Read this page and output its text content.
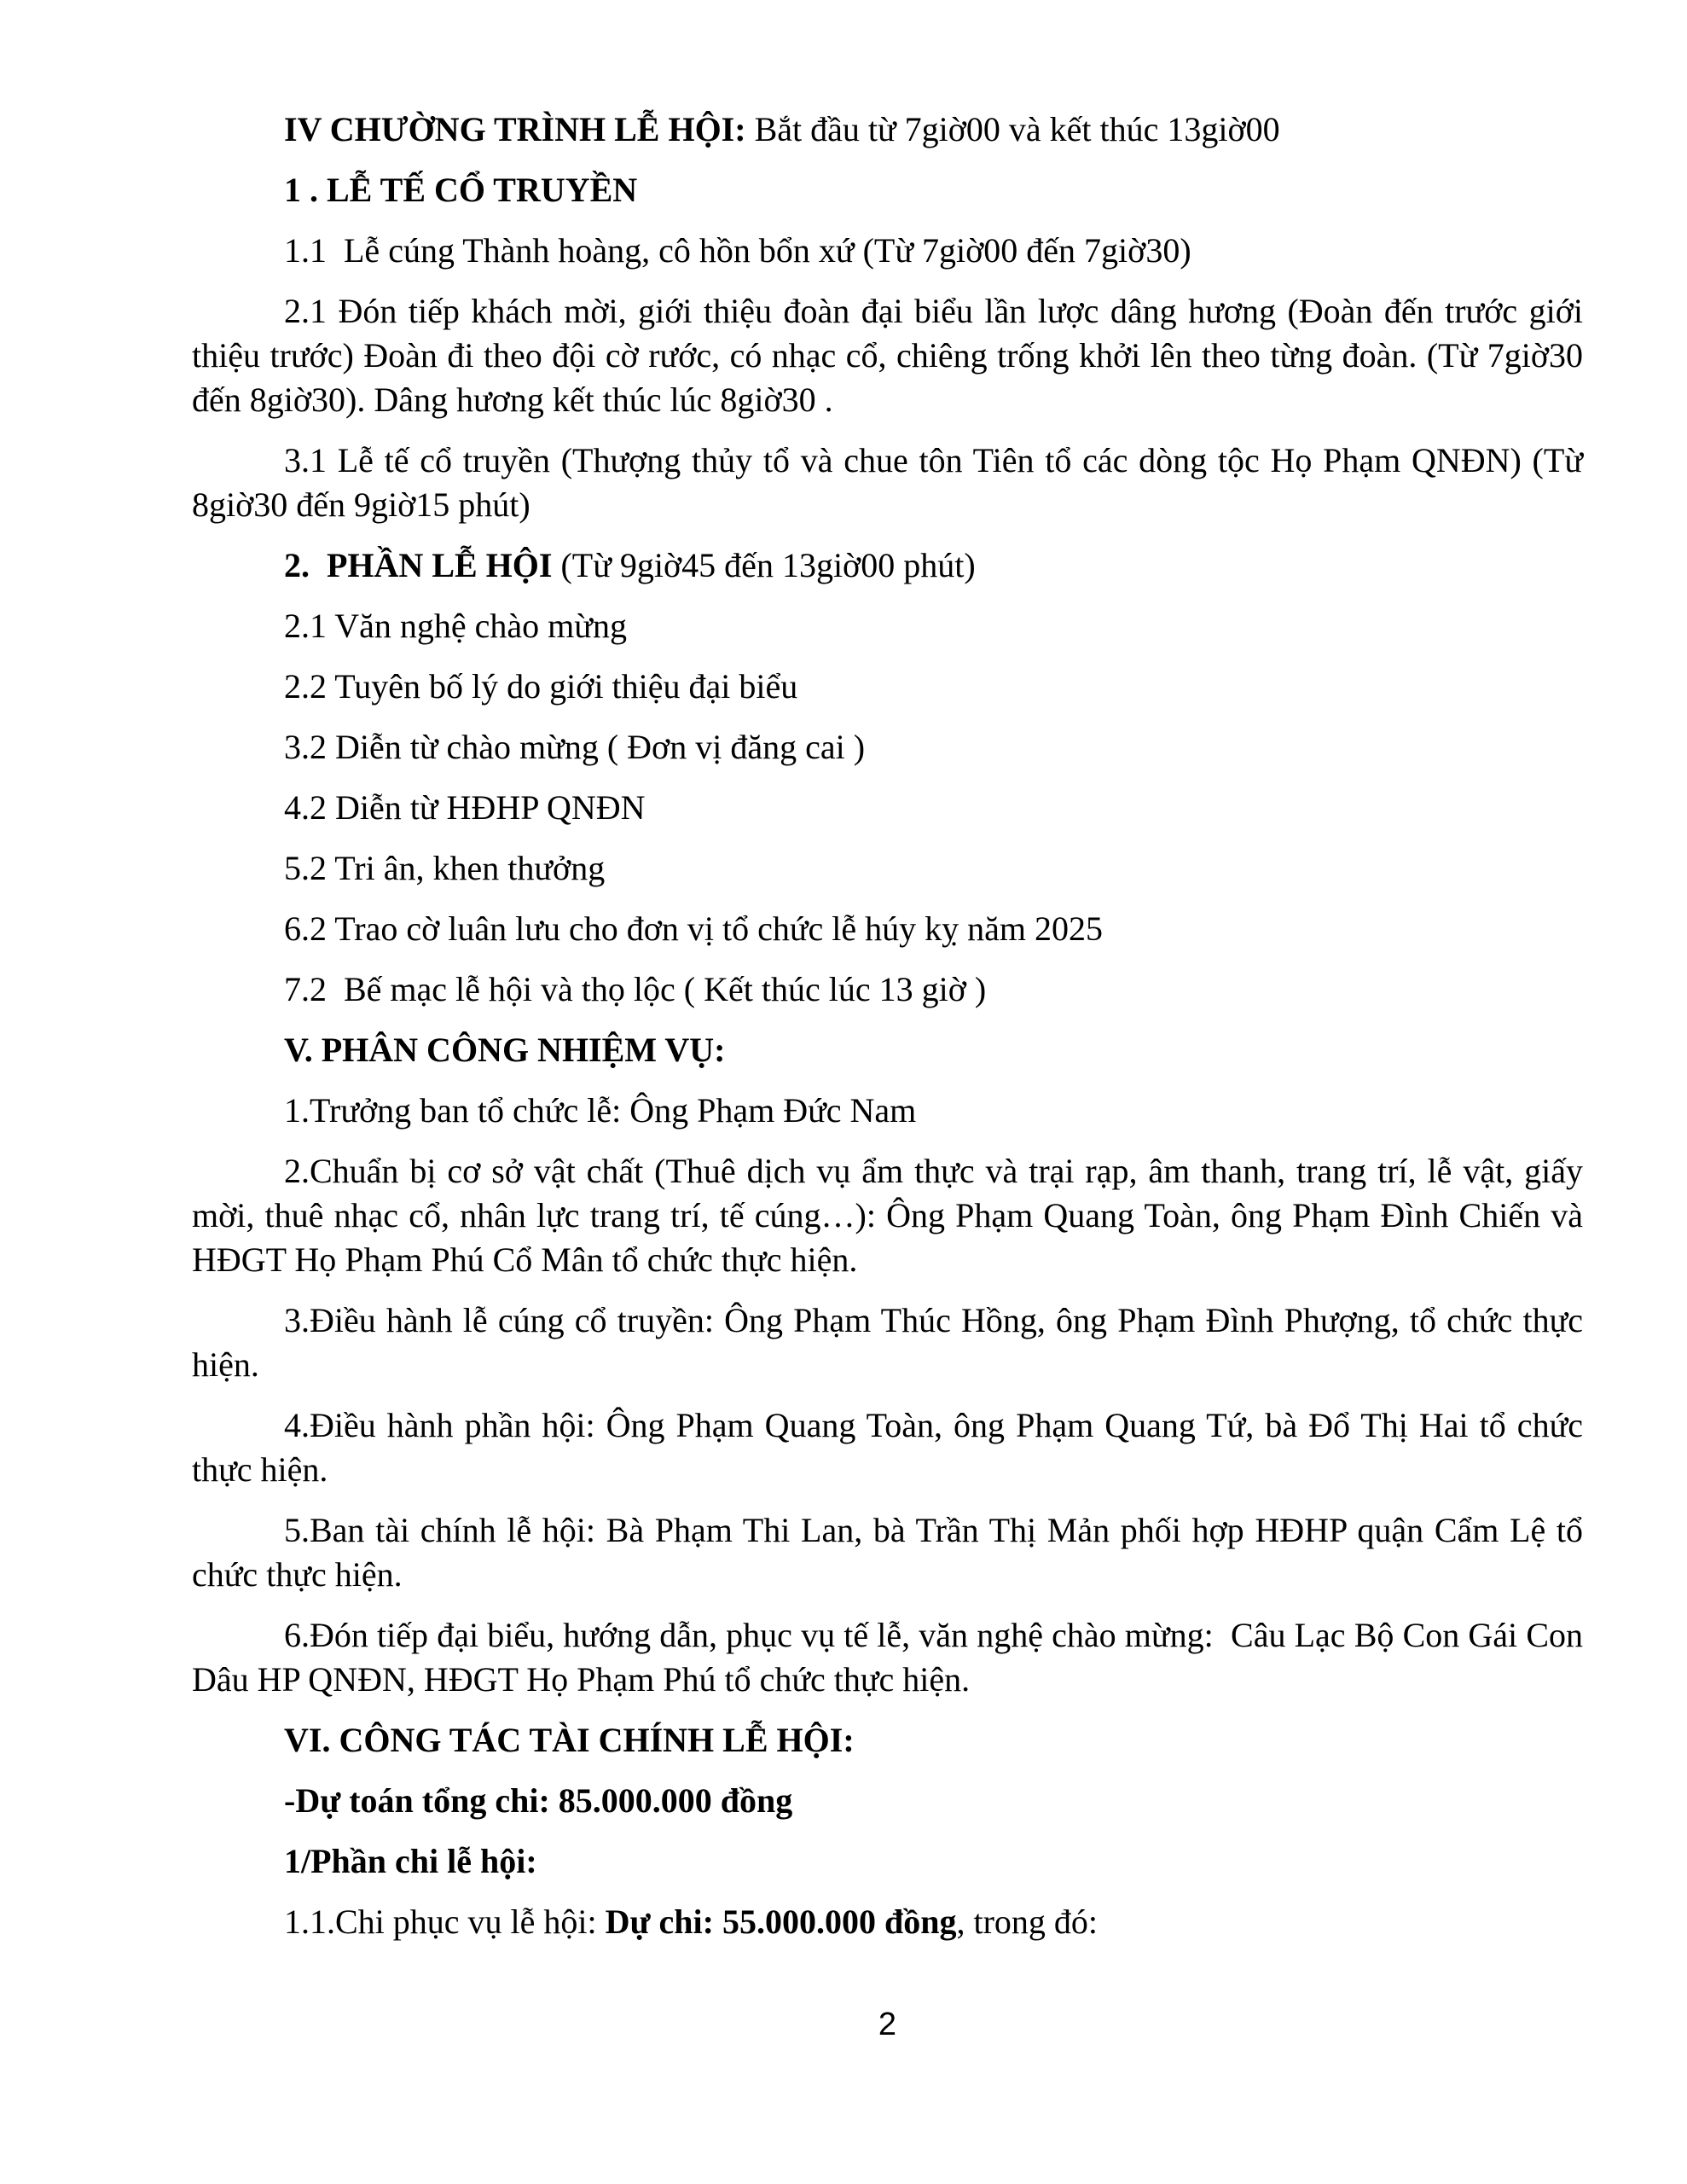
IV CHƯỜNG TRÌNH LỄ HỘI: Bắt đầu từ 7giờ00 và kết thúc 13giờ00

1 . LỄ TẾ CỔ TRUYỀN

1.1  Lễ cúng Thành hoàng, cô hồn bổn xứ (Từ 7giờ00 đến 7giờ30)

2.1 Đón tiếp khách mời, giới thiệu đoàn đại biểu lần lược dâng hương (Đoàn đến trước giới thiệu trước) Đoàn đi theo đội cờ rước, có nhạc cổ, chiêng trống khởi lên theo từng đoàn. (Từ 7giờ30 đến 8giờ30). Dâng hương kết thúc lúc 8giờ30 .

3.1 Lễ tế cổ truyền (Thượng thủy tổ và chue tôn Tiên tổ các dòng tộc Họ Phạm QNĐN) (Từ 8giờ30 đến 9giờ15 phút)

2.  PHẦN LỄ HỘI (Từ 9giờ45 đến 13giờ00 phút)

2.1 Văn nghệ chào mừng

2.2 Tuyên bố lý do giới thiệu đại biểu

3.2 Diễn từ chào mừng ( Đơn vị đăng cai )

4.2 Diễn từ HĐHP QNĐN

5.2 Tri ân, khen thưởng

6.2 Trao cờ luân lưu cho đơn vị tổ chức lễ húy kỵ năm 2025

7.2  Bế mạc lễ hội và thọ lộc ( Kết thúc lúc 13 giờ )

V. PHÂN CÔNG NHIỆM VỤ:

1.Trưởng ban tổ chức lễ: Ông Phạm Đức Nam

2.Chuẩn bị cơ sở vật chất (Thuê dịch vụ ẩm thực và trại rạp, âm thanh, trang trí, lễ vật, giấy mời, thuê nhạc cổ, nhân lực trang trí, tế cúng…): Ông Phạm Quang Toàn, ông Phạm Đình Chiến và HĐGT Họ Phạm Phú Cổ Mân tổ chức thực hiện.

3.Điều hành lễ cúng cổ truyền: Ông Phạm Thúc Hồng, ông Phạm Đình Phượng, tổ chức thực hiện.

4.Điều hành phần hội: Ông Phạm Quang Toàn, ông Phạm Quang Tứ, bà Đổ Thị Hai tổ chức thực hiện.

5.Ban tài chính lễ hội: Bà Phạm Thi Lan, bà Trần Thị Mản phối hợp HĐHP quận Cẩm Lệ tổ chức thực hiện.

6.Đón tiếp đại biểu, hướng dẫn, phục vụ tế lễ, văn nghệ chào mừng:  Câu Lạc Bộ Con Gái Con Dâu HP QNĐN, HĐGT Họ Phạm Phú tổ chức thực hiện.

VI. CÔNG TÁC TÀI CHÍNH LỄ HỘI:

-Dự toán tổng chi: 85.000.000 đồng

1/Phần chi lễ hội:

1.1.Chi phục vụ lễ hội: Dự chi: 55.000.000 đồng, trong đó:

2
